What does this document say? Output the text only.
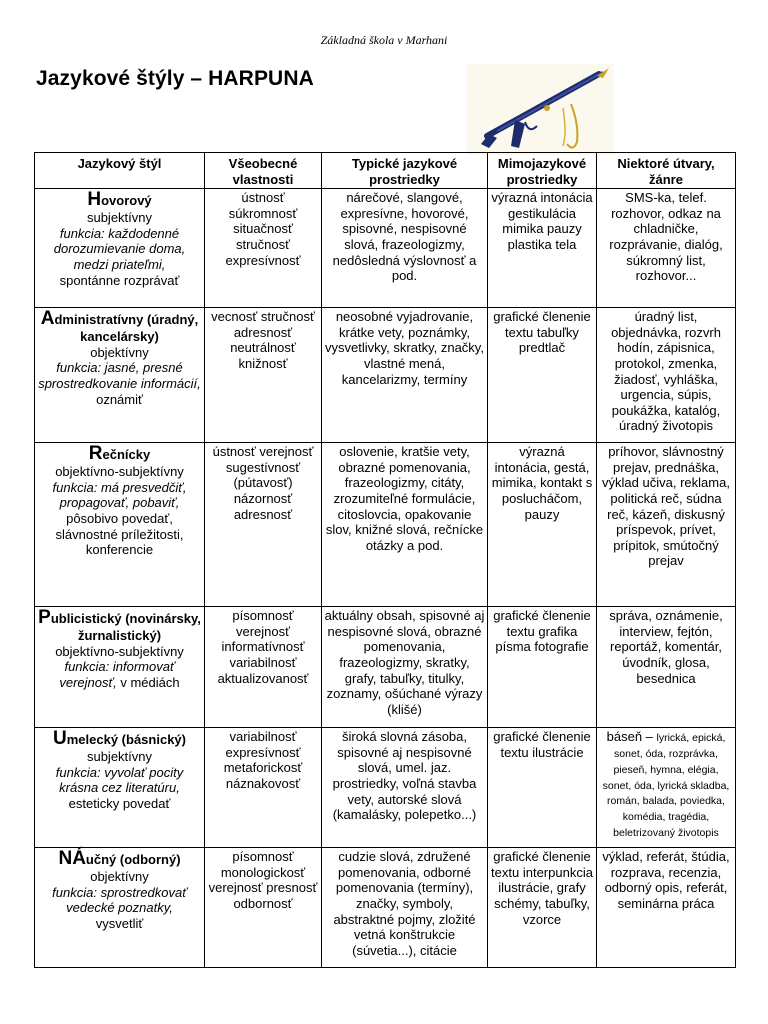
Základná škola v Marhani
Jazykové štýly – HARPUNA
Jazykový štýl	Všeobecné vlastnosti	Typické jazykové prostriedky	Mimojazykové prostriedky	Niektoré útvary, žánre
Hovorový
subjektívny
funkcia: každodenné dorozumievanie doma, medzi priateľmi,
spontánne rozprávať	ústnosť súkromnosť situačnosť stručnosť expresívnosť	nárečové, slangové, expresívne, hovorové, spisovné, nespisovné slová, frazeologizmy, nedôsledná výslovnosť a pod.	výrazná intonácia gestikulácia mimika pauzy plastika tela	SMS-ka, telef. rozhovor, odkaz na chladničke, rozprávanie, dialóg, súkromný list, rozhovor...
Administratívny (úradný, kancelársky)
objektívny
funkcia: jasné, presné sprostredkovanie informácií,
oznámiť	vecnosť stručnosť adresnosť neutrálnosť knižnosť	neosobné vyjadrovanie, krátke vety, poznámky, vysvetlivky, skratky, značky, vlastné mená, kancelarizmy, termíny	grafické členenie textu tabuľky predtlač	úradný list, objednávka, rozvrh hodín, zápisnica, protokol, zmenka, žiadosť, vyhláška, urgencia, súpis, poukážka, katalóg, úradný životopis
Rečnícky
objektívno-subjektívny
funkcia: má presvedčiť, propagovať, pobaviť,
pôsobivo povedať, slávnostné príležitosti, konferencie	ústnosť verejnosť sugestívnosť (pútavosť) názornosť adresnosť	oslovenie, kratšie vety, obrazné pomenovania, frazeologizmy, citáty, zrozumiteľné formulácie, citoslovcia, opakovanie slov, knižné slová, rečnícke otázky a pod.	výrazná intonácia, gestá, mimika, kontakt s poslucháčom, pauzy	príhovor, slávnostný prejav, prednáška, výklad učiva, reklama, politická reč, súdna reč, kázeň, diskusný príspevok, prívet, prípitok, smútočný prejav
Publicistický (novinársky, žurnalistický)
objektívno-subjektívny
funkcia: informovať verejnosť, v médiách	písomnosť verejnosť informatívnosť variabilnosť aktualizovanosť	aktuálny obsah, spisovné aj nespisovné slová, obrazné pomenovania, frazeologizmy, skratky, grafy, tabuľky, titulky, zoznamy, ošúchané výrazy (klišé)	grafické členenie textu grafika písma fotografie	správa, oznámenie, interview, fejtón, reportáž, komentár, úvodník, glosa, besednica
Umelecký (básnický)
subjektívny
funkcia: vyvolať pocity krásna cez literatúru,
esteticky povedať	variabilnosť expresívnosť metaforickosť náznakovosť	široká slovná zásoba, spisovné aj nespisovné slová, umel. jaz. prostriedky, voľná stavba vety, autorské slová (kamalásky, polepetko...)	grafické členenie textu ilustrácie	báseň – lyrická, epická, sonet, óda, rozprávka, pieseň, hymna, elégia, sonet, óda, lyrická skladba, román, balada, poviedka, komédia, tragédia, beletrizovaný životopis
NÁučný (odborný)
objektívny
funkcia: sprostredkovať vedecké poznatky,
vysvetliť	písomnosť monologickosť verejnosť presnosť odbornosť	cudzie slová, združené pomenovania, odborné pomenovania (termíny), značky, symboly, abstraktné pojmy, zložité vetná konštrukcie (súvetia...), citácie	grafické členenie textu interpunkcia ilustrácie, grafy schémy, tabuľky, vzorce	výklad, referát, štúdia, rozprava, recenzia, odborný opis, referát, seminárna práca
